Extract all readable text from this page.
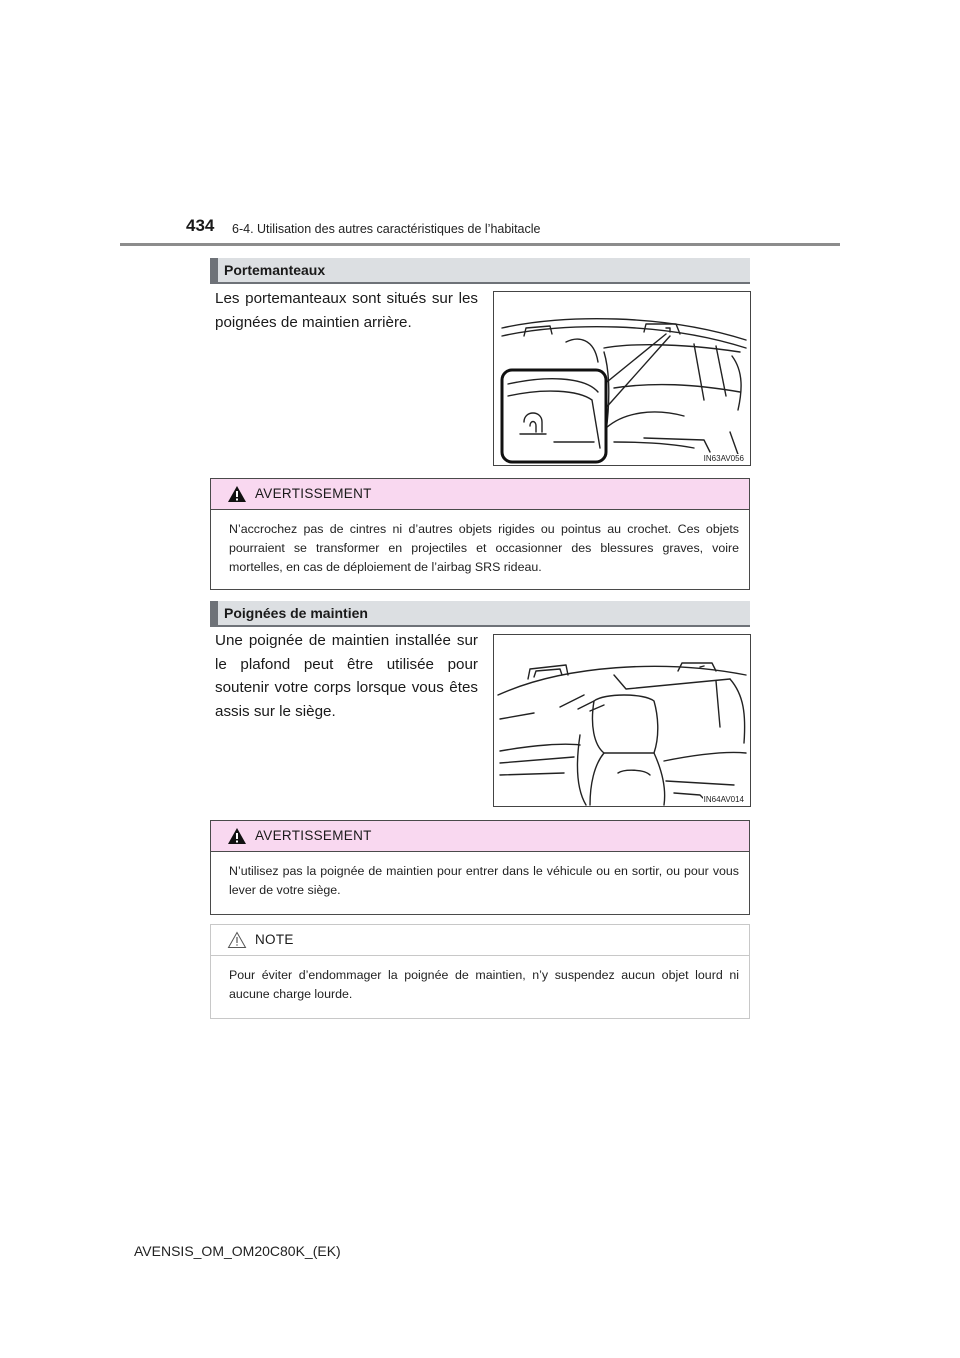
434 6-4. Utilisation des autres caractéristiques de l’habitacle
Portemanteaux
Les portemanteaux sont situés sur les poignées de maintien arrière.
IN63AV056
AVERTISSEMENT
N’accrochez pas de cintres ni d’autres objets rigides ou pointus au crochet. Ces objets pourraient se transformer en projectiles et occasionner des blessures graves, voire mortelles, en cas de déploiement de l’airbag SRS rideau.
Poignées de maintien
Une poignée de maintien installée sur le plafond peut être utilisée pour soutenir votre corps lorsque vous êtes assis sur le siège.
IN64AV014
AVERTISSEMENT
N’utilisez pas la poignée de maintien pour entrer dans le véhicule ou en sortir, ou pour vous lever de votre siège.
NOTE
Pour éviter d’endommager la poignée de maintien, n’y suspendez aucun objet lourd ni aucune charge lourde.
AVENSIS_OM_OM20C80K_(EK)
